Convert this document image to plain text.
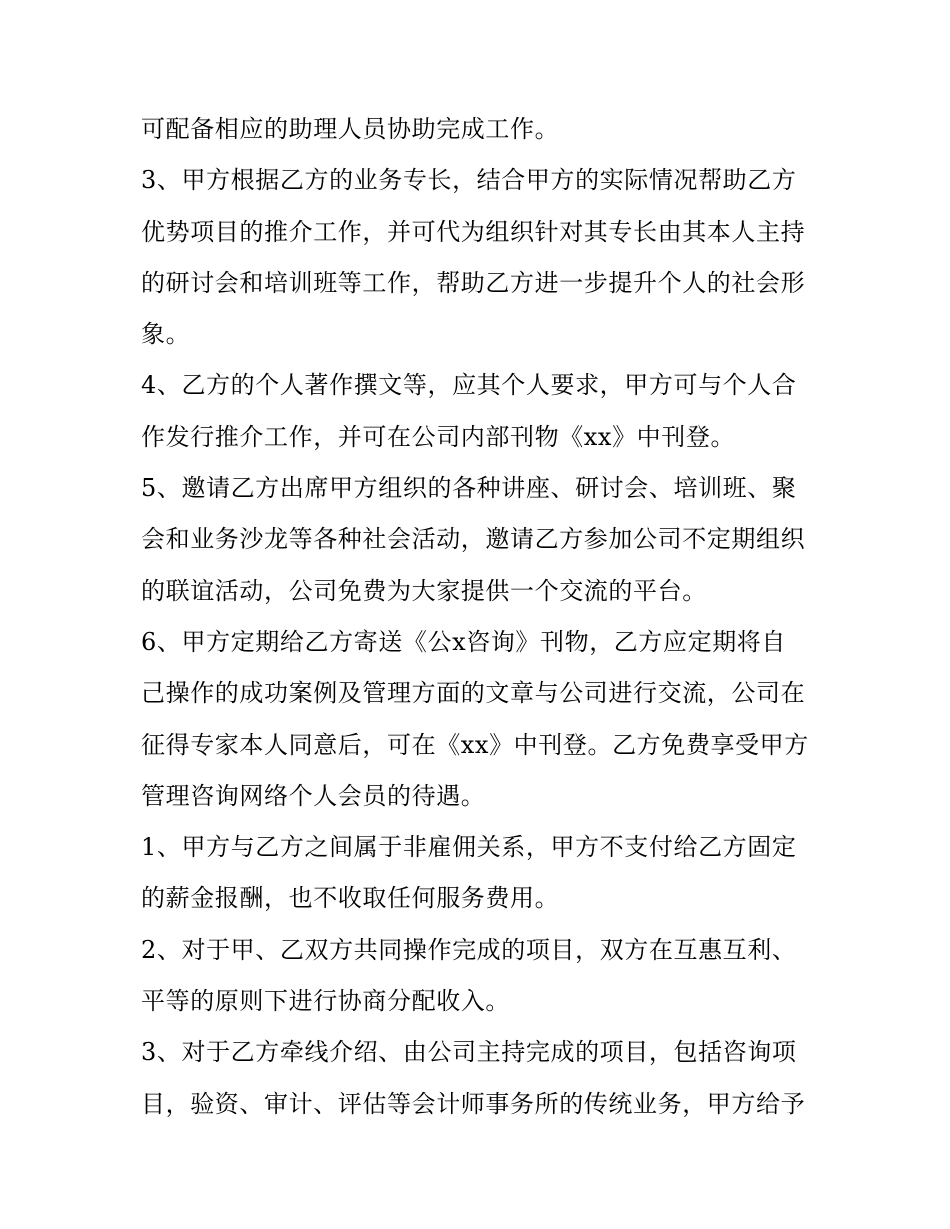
可配备相应的助理人员协助完成工作。
3、甲方根据乙方的业务专长，结合甲方的实际情况帮助乙方
优势项目的推介工作，并可代为组织针对其专长由其本人主持
的研讨会和培训班等工作，帮助乙方进一步提升个人的社会形
象。
4、乙方的个人著作撰文等，应其个人要求，甲方可与个人合
作发行推介工作，并可在公司内部刊物《xx》中刊登。
5、邀请乙方出席甲方组织的各种讲座、研讨会、培训班、聚
会和业务沙龙等各种社会活动，邀请乙方参加公司不定期组织
的联谊活动，公司免费为大家提供一个交流的平台。
6、甲方定期给乙方寄送《公x咨询》刊物，乙方应定期将自
己操作的成功案例及管理方面的文章与公司进行交流，公司在
征得专家本人同意后，可在《xx》中刊登。乙方免费享受甲方
管理咨询网络个人会员的待遇。
1、甲方与乙方之间属于非雇佣关系，甲方不支付给乙方固定
的薪金报酬，也不收取任何服务费用。
2、对于甲、乙双方共同操作完成的项目，双方在互惠互利、
平等的原则下进行协商分配收入。
3、对于乙方牵线介绍、由公司主持完成的项目，包括咨询项
目，验资、审计、评估等会计师事务所的传统业务，甲方给予
